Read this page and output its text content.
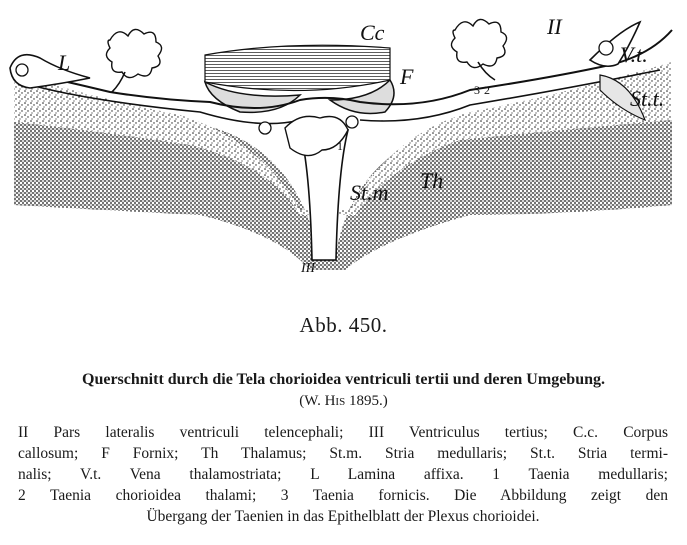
L
Cc	II
V.t.
F
St.t.
St.m Th
III
1
2
3
Abb. 450.
Querschnitt durch die Tela chorioidea ventriculi tertii und deren Umgebung.
(W. His 1895.)
II Pars lateralis ventriculi telencephali; III Ventriculus tertius; C.c. Corpus
callosum; F Fornix; Th Thalamus; St.m. Stria medullaris; St.t. Stria termi-
nalis; V.t. Vena thalamostriata; L Lamina affixa. 1 Taenia medullaris;
2 Taenia chorioidea thalami; 3 Taenia fornicis. Die Abbildung zeigt den
Übergang der Taenien in das Epithelblatt der Plexus chorioidei.
